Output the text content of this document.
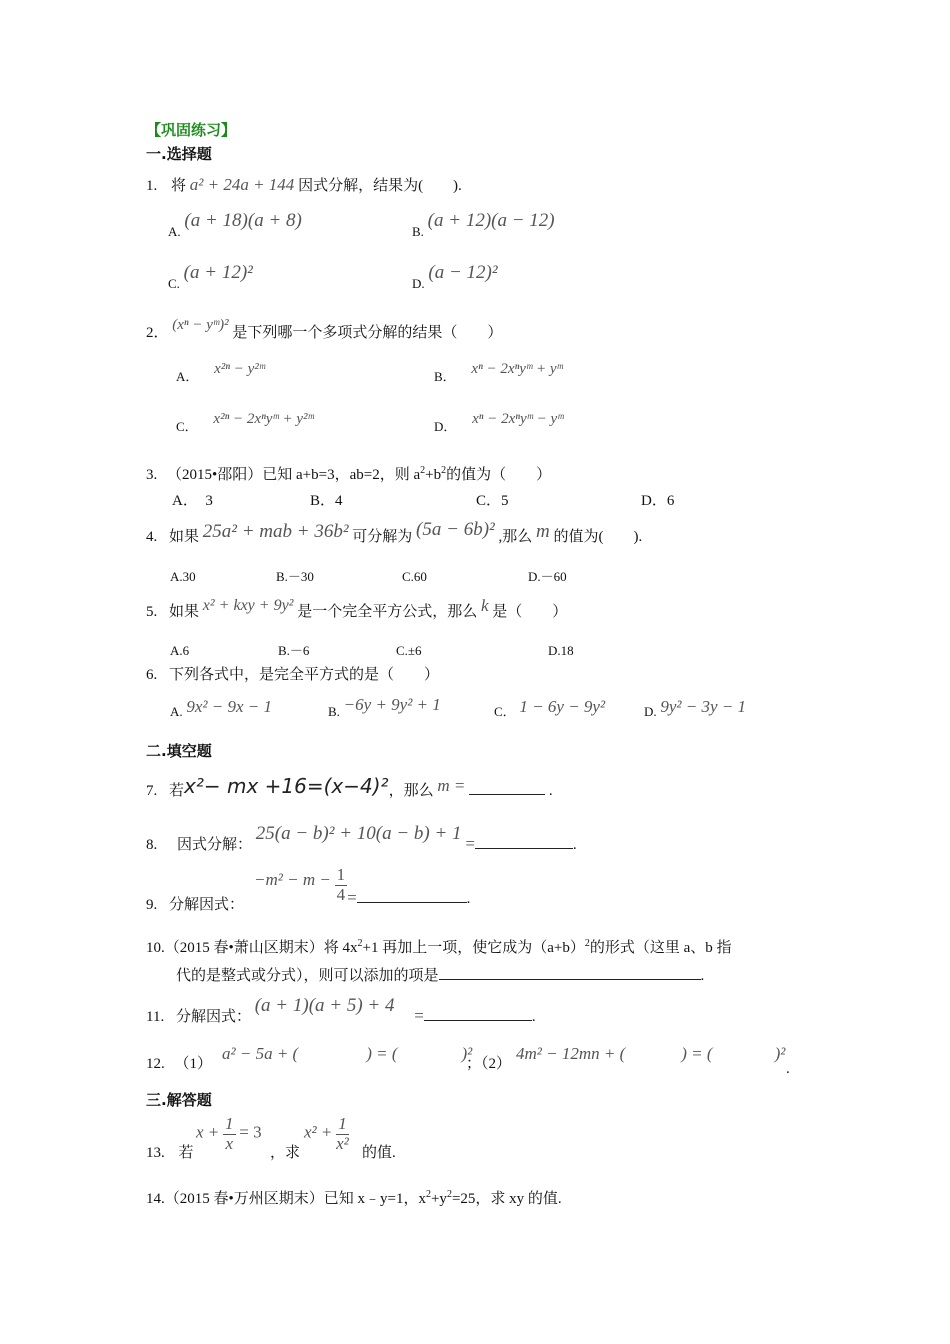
【巩固练习】
一.选择题
1. 将 a² + 24a + 144 因式分解，结果为(　　).
A. (a + 18)(a + 8)
B. (a + 12)(a − 12)
C. (a + 12)²
D. (a − 12)²
2． (xⁿ − yᵐ)² 是下列哪一个多项式分解的结果（　　）
A． x²ⁿ − y²ᵐ	B． xⁿ − 2xⁿyᵐ + yᵐ
C． x²ⁿ − 2xⁿyᵐ + y²ᵐ	D． xⁿ − 2xⁿyᵐ − yᵐ
3. （2015•邵阳）已知 a+b=3，ab=2，则 $a^2+b^2$的值为（　　）
A．　3	B．4	C．5	D．6
4. 如果 25a² + mab + 36b² 可分解为 (5a − 6b)² ,那么 m 的值为(　　).
A.30	B.－30	C.60	D.－60
5. 如果 x² + kxy + 9y² 是一个完全平方公式，那么 k 是（　　）
A.6	B.－6	C.±6	D.18
6. 下列各式中，是完全平方式的是（　　）
A. 9x² − 9x − 1	B. −6y + 9y² + 1	C． 1 − 6y − 9y²	D. 9y² − 3y − 1
二.填空题
7. 若x²− mx +16=(x−4)²，那么 m =	.
8. 因式分解： 25(a − b)² + 10(a − b) + 1 =	.
9. 分解因式：
$-m^2 - m - \frac{1}{4}$ =	.
10.（2015 春•萧山区期末）将 $4x^2+1$ 再加上一项，使它成为$(a+b)^2$的形式（这里 a、b 指
代的是整式或分式），则可以添加的项是	.
11. 分解因式： (a + 1)(a + 5) + 4 =	.
12. （1）
a² − 5a + (	) = (	)²
；（2）
4m² − 12mn + (	) = (	)²
.
三.解答题
13. 若
$x + \frac{1}{x} = 3$
，求
$x^2 + \frac{1}{\text{x²}}$ 的值.
14.（2015 春•万州区期末）已知 x﹣y=1，$x^2+y^2=25$，求 xy 的值.
